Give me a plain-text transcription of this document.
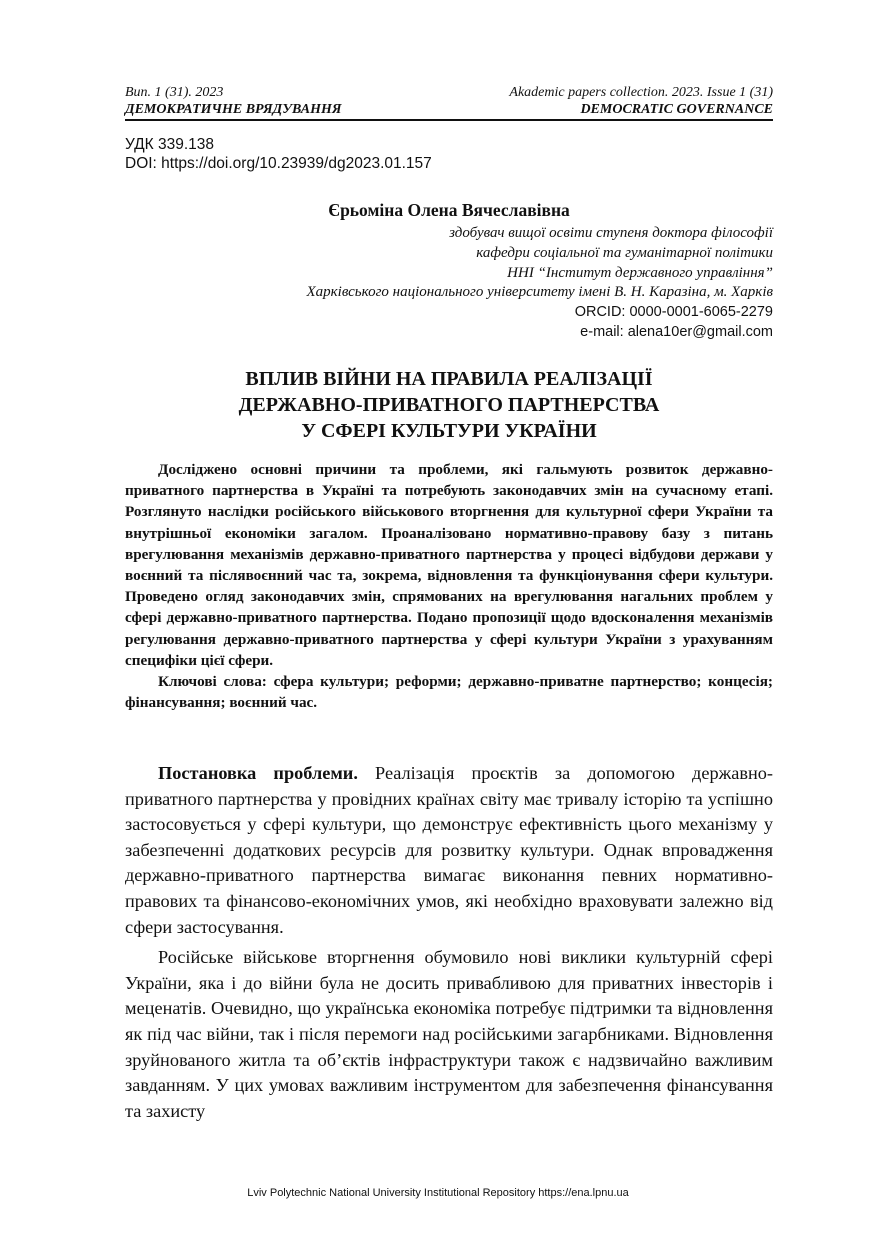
Вип. 1 (31). 2023	Akademic papers collection. 2023. Issue 1 (31)
ДЕМОКРАТИЧНЕ ВРЯДУВАННЯ	DEMOCRATIC GOVERNANCE
УДК 339.138
DOI: https://doi.org/10.23939/dg2023.01.157
Єрьоміна Олена Вячеславівна
здобувач вищої освіти ступеня доктора філософії
кафедри соціальної та гуманітарної політики
ННІ “Інститут державного управління”
Харківського національного університету імені В. Н. Каразіна, м. Харків
ORCID: 0000-0001-6065-2279
e-mail: alena10er@gmail.com
ВПЛИВ ВІЙНИ НА ПРАВИЛА РЕАЛІЗАЦІЇ
ДЕРЖАВНО-ПРИВАТНОГО ПАРТНЕРСТВА
У СФЕРІ КУЛЬТУРИ УКРАЇНИ

Досліджено основні причини та проблеми, які гальмують розвиток державно-приватного партнерства в Україні та потребують законодавчих змін на сучасному етапі. Розглянуто наслідки російського військового вторгнення для культурної сфери України та внутрішньої економіки загалом. Проаналізовано нормативно-правову базу з питань врегулювання механізмів державно-приватного партнерства у процесі відбудови держави у воєнний та післявоєнний час та, зокрема, відновлення та функціонування сфери культури. Проведено огляд законодавчих змін, спрямованих на врегулювання нагальних проблем у сфері державно-приватного партнерства. Подано пропозиції щодо вдосконалення механізмів регулювання державно-приватного партнерства у сфері культури України з урахуванням специфіки цієї сфери.

Ключові слова: сфера культури; реформи; державно-приватне партнерство; концесія; фінансування; воєнний час.

Постановка проблеми. Реалізація проєктів за допомогою державно-приватного партнерства у провідних країнах світу має тривалу історію та успішно застосовується у сфері культури, що демонструє ефективність цього механізму у забезпеченні додаткових ресурсів для розвитку культури. Однак впровадження державно-приватного партнерства вимагає виконання певних нормативно-правових та фінансово-економічних умов, які необхідно враховувати залежно від сфери застосування.

Російське військове вторгнення обумовило нові виклики культурній сфері України, яка і до війни була не досить привабливою для приватних інвесторів і меценатів. Очевидно, що українська економіка потребує підтримки та відновлення як під час війни, так і після перемоги над російськими загарбниками. Відновлення зруйнованого житла та об’єктів інфраструктури також є надзвичайно важливим завданням. У цих умовах важливим інструментом для забезпечення фінансування та захисту

Lviv Polytechnic National University Institutional Repository https://ena.lpnu.ua
